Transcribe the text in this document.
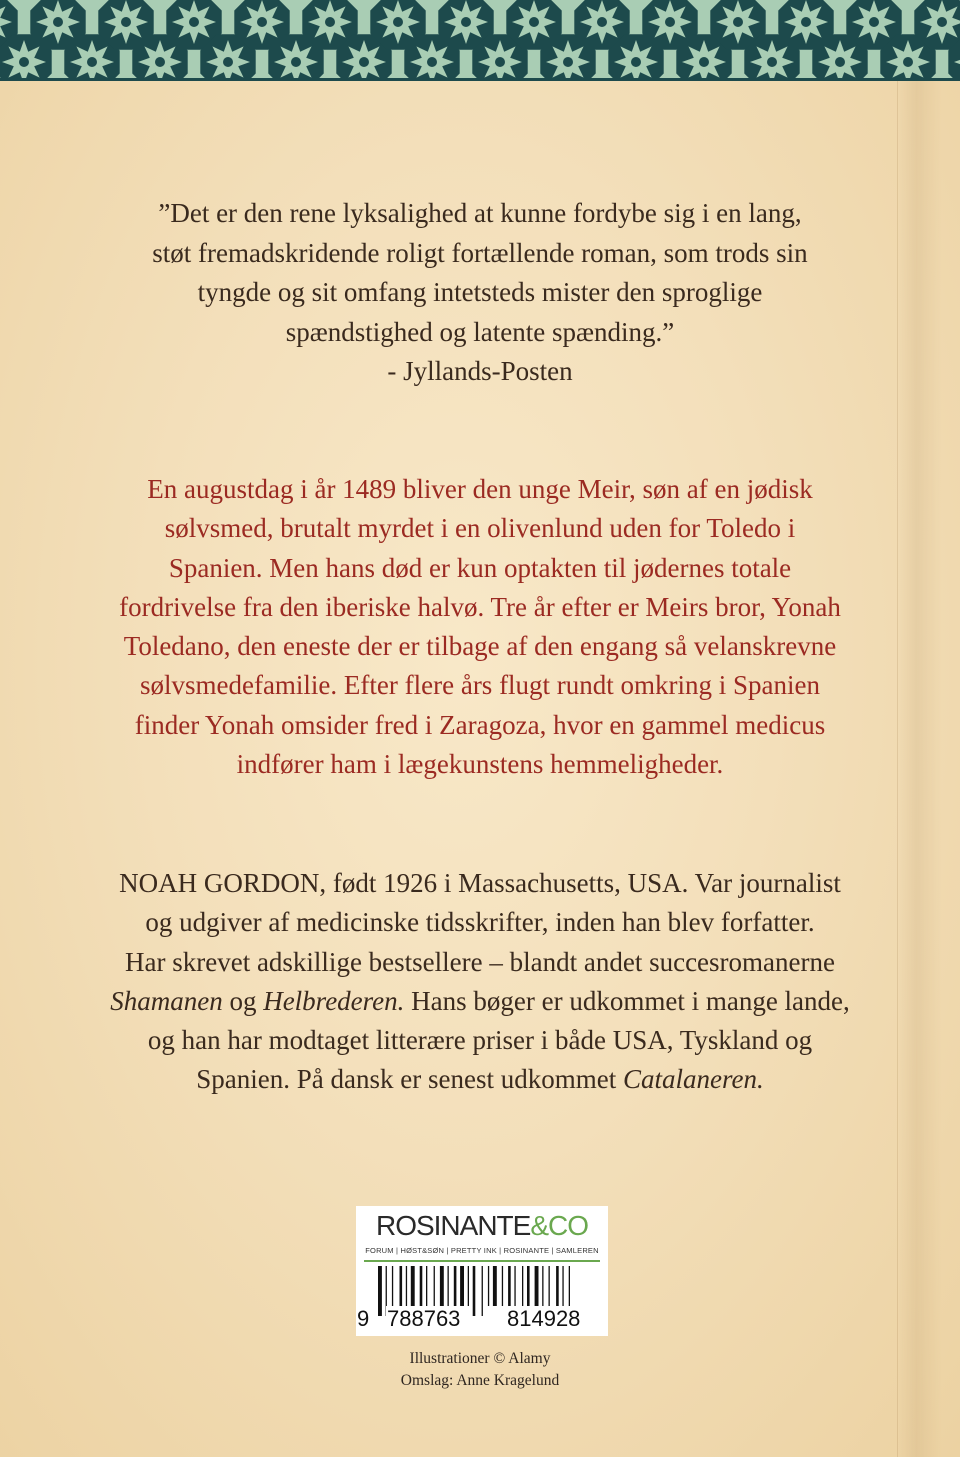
”Det er den rene lyksalighed at kunne fordybe sig i en lang,
støt fremadskridende roligt fortællende roman, som trods sin
tyngde og sit omfang intetsteds mister den sproglige
spændstighed og latente spænding.”
- Jyllands-Posten
En augustdag i år 1489 bliver den unge Meir, søn af en jødisk
sølvsmed, brutalt myrdet i en olivenlund uden for Toledo i
Spanien. Men hans død er kun optakten til jødernes totale
fordrivelse fra den iberiske halvø. Tre år efter er Meirs bror, Yonah
Toledano, den eneste der er tilbage af den engang så velanskrevne
sølvsmedefamilie. Efter flere års flugt rundt omkring i Spanien
finder Yonah omsider fred i Zaragoza, hvor en gammel medicus
indfører ham i lægekunstens hemmeligheder.
NOAH GORDON, født 1926 i Massachusetts, USA. Var journalist
og udgiver af medicinske tidsskrifter, inden han blev forfatter.
Har skrevet adskillige bestsellere – blandt andet succesromanerne
Shamanen og Helbrederen. Hans bøger er udkommet i mange lande,
og han har modtaget litterære priser i både USA, Tyskland og
Spanien. På dansk er senest udkommet Catalaneren.
ROSINANTE&CO
FORUM | HØST&SØN | PRETTY INK | ROSINANTE | SAMLEREN
9 788763 814928
Illustrationer © Alamy
Omslag: Anne Kragelund
